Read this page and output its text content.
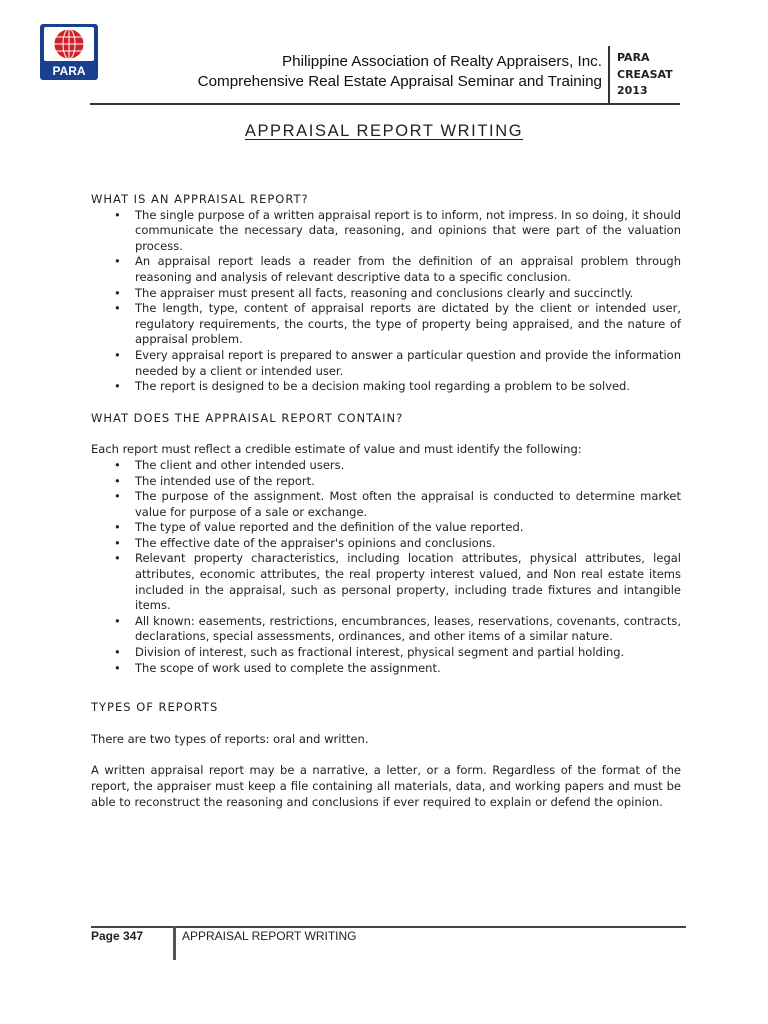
PARA
Philippine Association of Realty Appraisers, Inc.
Comprehensive Real Estate Appraisal Seminar and Training
PARA
CREASAT
2013
APPRAISAL REPORT WRITING

WHAT IS AN APPRAISAL REPORT?

• The single purpose of a written appraisal report is to inform, not impress. In so doing, it should communicate the necessary data, reasoning, and opinions that were part of the valuation process.
• An appraisal report leads a reader from the definition of an appraisal problem through reasoning and analysis of relevant descriptive data to a specific conclusion.
• The appraiser must present all facts, reasoning and conclusions clearly and succinctly.
• The length, type, content of appraisal reports are dictated by the client or intended user, regulatory requirements, the courts, the type of property being appraised, and the nature of appraisal problem.
• Every appraisal report is prepared to answer a particular question and provide the information needed by a client or intended user.
• The report is designed to be a decision making tool regarding a problem to be solved.

WHAT DOES THE APPRAISAL REPORT CONTAIN?

Each report must reflect a credible estimate of value and must identify the following:

• The client and other intended users.
• The intended use of the report.
• The purpose of the assignment. Most often the appraisal is conducted to determine market value for purpose of a sale or exchange.
• The type of value reported and the definition of the value reported.
• The effective date of the appraiser's opinions and conclusions.
• Relevant property characteristics, including location attributes, physical attributes, legal attributes, economic attributes, the real property interest valued, and Non real estate items included in the appraisal, such as personal property, including trade fixtures and intangible items.
• All known: easements, restrictions, encumbrances, leases, reservations, covenants, contracts, declarations, special assessments, ordinances, and other items of a similar nature.
• Division of interest, such as fractional interest, physical segment and partial holding.
• The scope of work used to complete the assignment.

TYPES OF REPORTS

There are two types of reports: oral and written.

A written appraisal report may be a narrative, a letter, or a form. Regardless of the format of the report, the appraiser must keep a file containing all materials, data, and working papers and must be able to reconstruct the reasoning and conclusions if ever required to explain or defend the opinion.

Page 347	APPRAISAL REPORT WRITING
